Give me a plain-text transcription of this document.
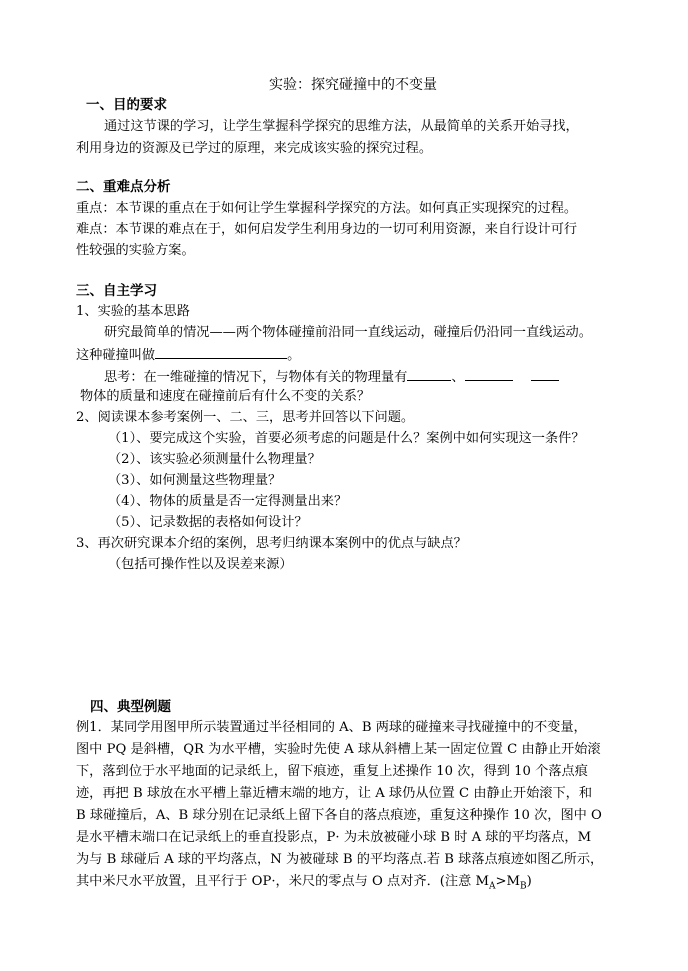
实验：探究碰撞中的不变量
一、目的要求
通过这节课的学习，让学生掌握科学探究的思维方法，从最简单的关系开始寻找，
利用身边的资源及已学过的原理，来完成该实验的探究过程。
二、重难点分析
重点：本节课的重点在于如何让学生掌握科学探究的方法。如何真正实现探究的过程。
难点：本节课的难点在于，如何启发学生利用身边的一切可利用资源，来自行设计可行
性较强的实验方案。
三、自主学习
1、实验的基本思路
研究最简单的情况——两个物体碰撞前沿同一直线运动，碰撞后仍沿同一直线运动。
这种碰撞叫做	。
思考：在一维碰撞的情况下，与物体有关的物理量有	、
物体的质量和速度在碰撞前后有什么不变的关系？
2、阅读课本参考案例一、二、三，思考并回答以下问题。
（1）、要完成这个实验，首要必须考虑的问题是什么？案例中如何实现这一条件？
（2）、该实验必须测量什么物理量？
（3）、如何测量这些物理量？
（4）、物体的质量是否一定得测量出来？
（5）、记录数据的表格如何设计？
3、再次研究课本介绍的案例，思考归纳课本案例中的优点与缺点？
（包括可操作性以及误差来源）
四、典型例题
例1．某同学用图甲所示装置通过半径相同的 A、B 两球的碰撞来寻找碰撞中的不变量，
图中 PQ 是斜槽，QR 为水平槽，实验时先使 A 球从斜槽上某一固定位置 C 由静止开始滚
下，落到位于水平地面的记录纸上，留下痕迹，重复上述操作 10 次，得到 10 个落点痕
迹，再把 B 球放在水平槽上靠近槽末端的地方，让 A 球仍从位置 C 由静止开始滚下，和
B 球碰撞后，A、B 球分别在记录纸上留下各自的落点痕迹，重复这种操作 10 次，图中 O
是水平槽末端口在记录纸上的垂直投影点，P· 为未放被碰小球 B 时 A 球的平均落点，M
为与 B 球碰后 A 球的平均落点，N 为被碰球 B 的平均落点.若 B 球落点痕迹如图乙所示，
其中米尺水平放置，且平行于 OP·，米尺的零点与 O 点对齐．(注意 $M_A>M_B$)
